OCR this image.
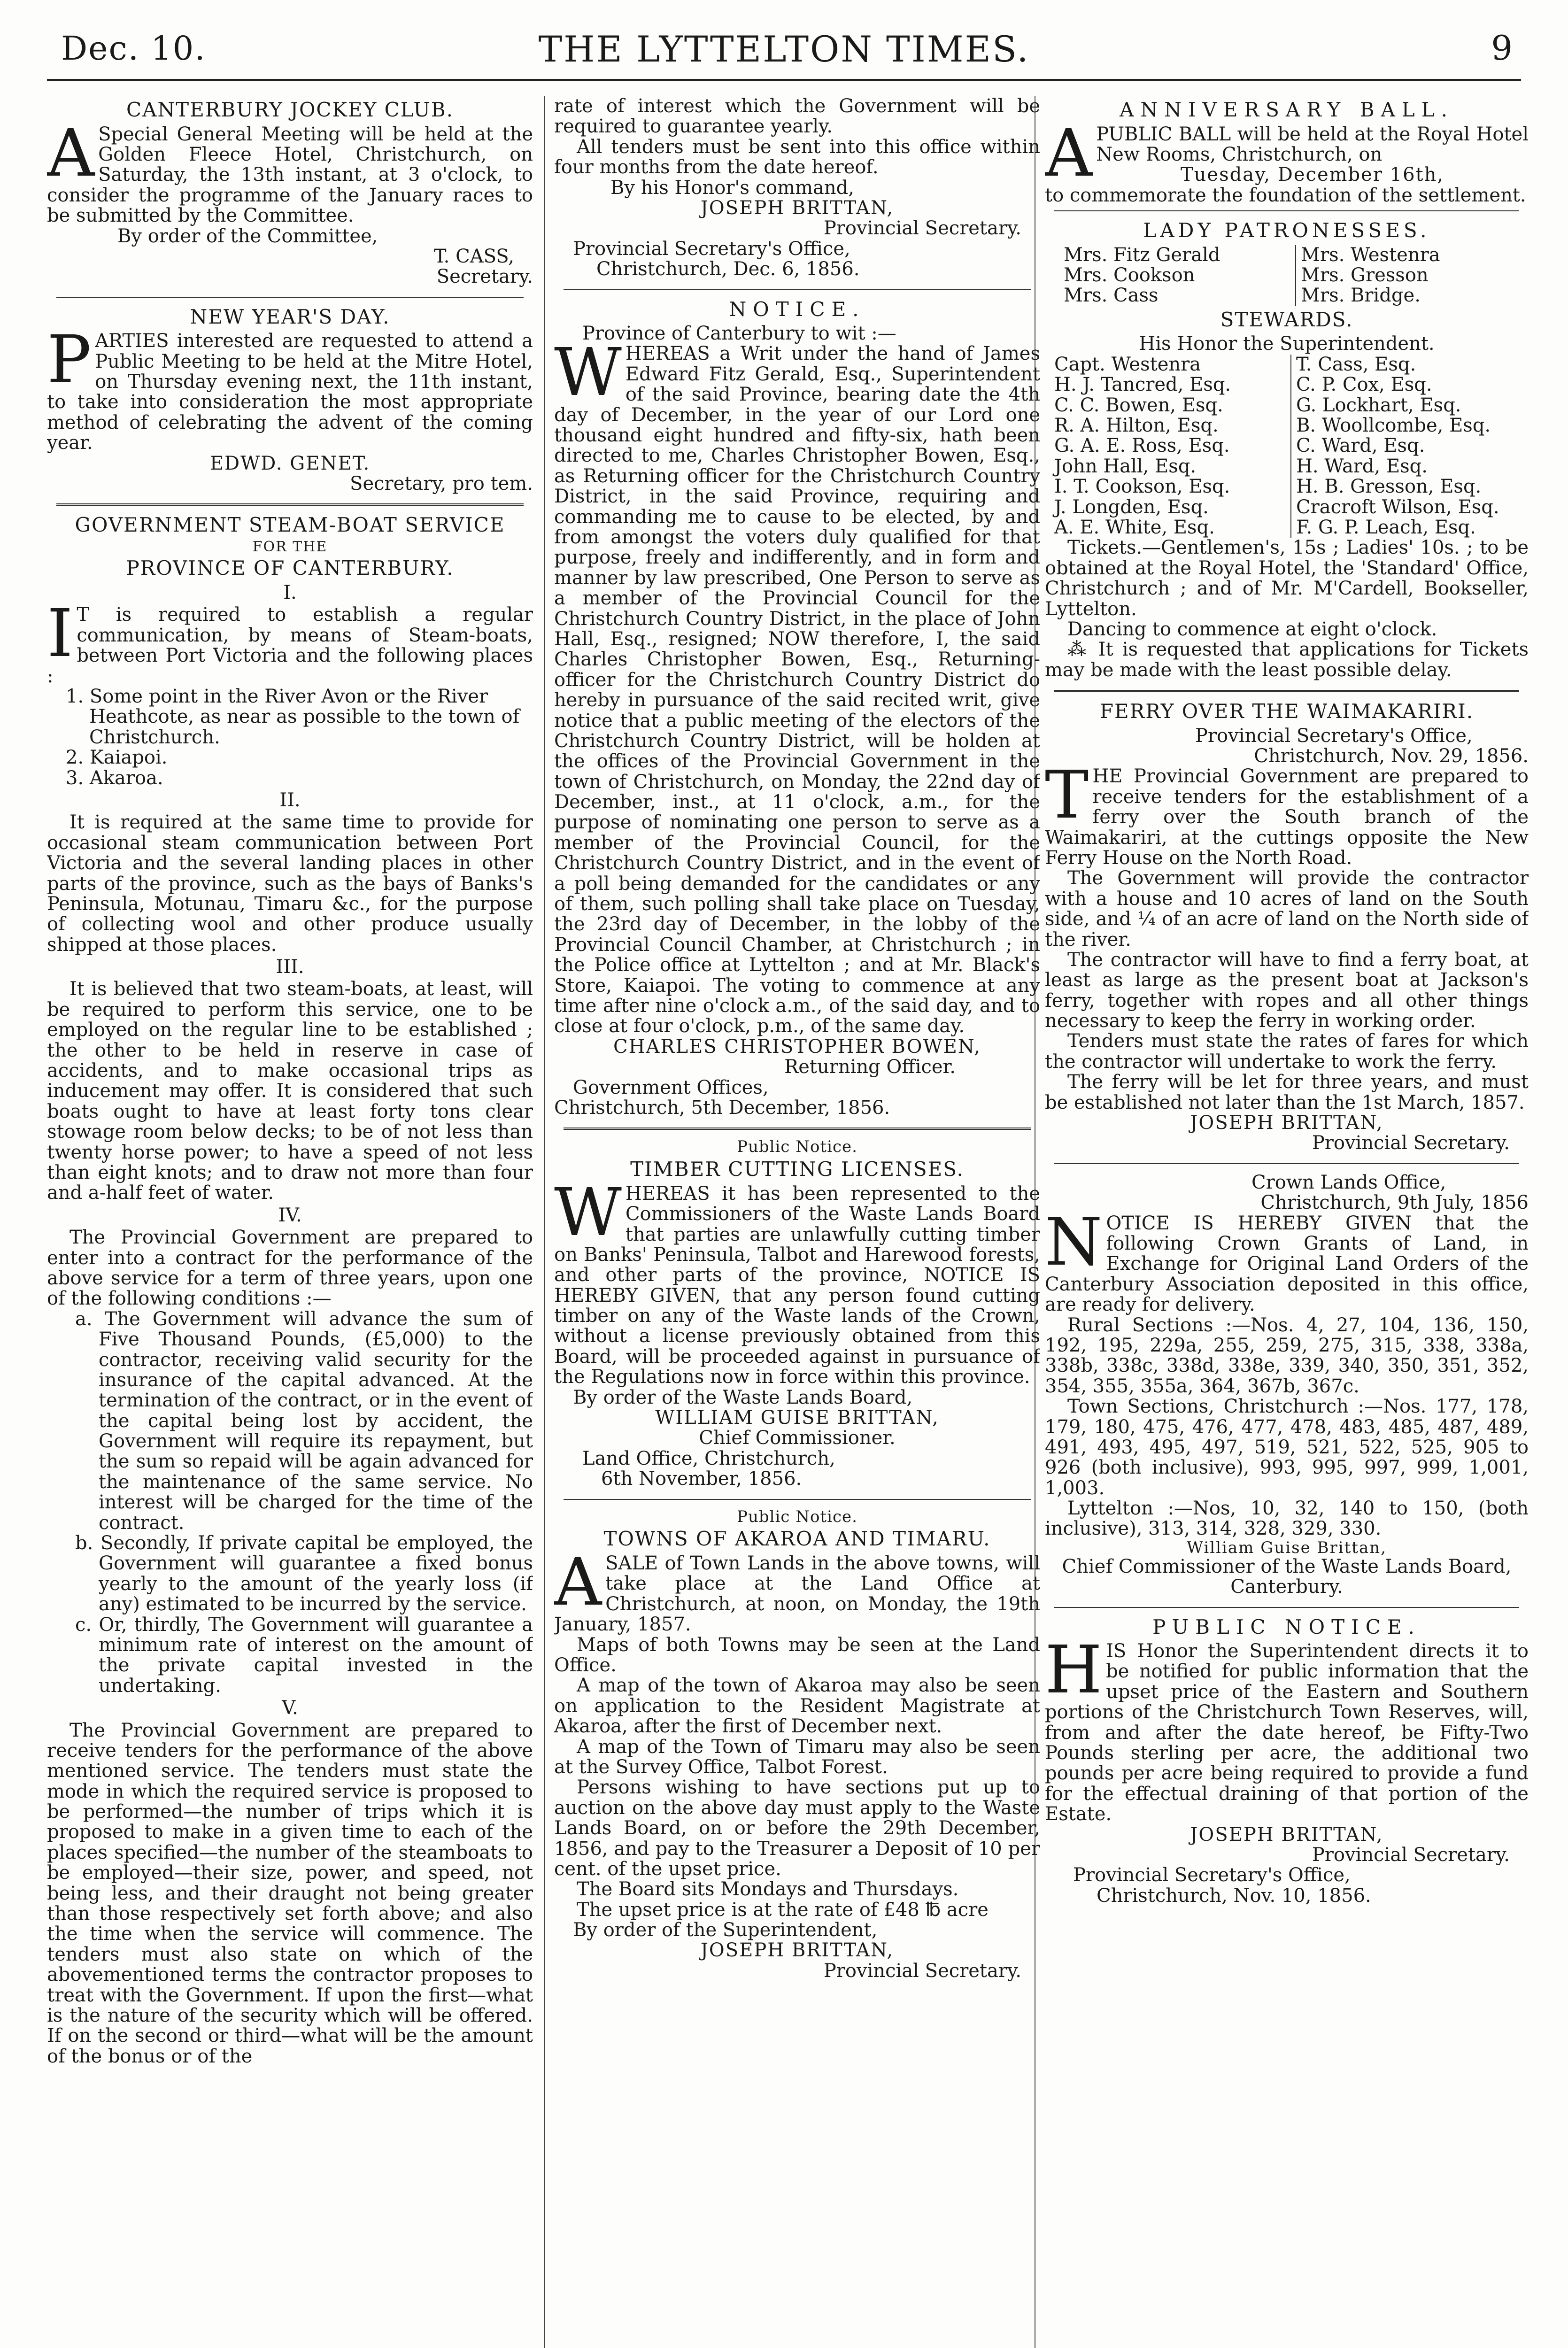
Dec. 10.	THE LYTTELTON TIMES.	9
CANTERBURY JOCKEY CLUB.

ASpecial General Meeting will be held at the Golden Fleece Hotel, Christchurch, on Saturday, the 13th instant, at 3 o'clock, to consider the programme of the January races to be submitted by the Committee.

By order of the Committee,
T. CASS,
Secretary.
NEW YEAR'S DAY.

PARTIES interested are requested to attend a Public Meeting to be held at the Mitre Hotel, on Thursday evening next, the 11th instant, to take into consideration the most appropriate method of celebrating the advent of the coming year.

EDWD. GENET.
Secretary, pro tem.
GOVERNMENT STEAM-BOAT SERVICE
FOR THE
PROVINCE OF CANTERBURY.
I.

IT is required to establish a regular communication, by means of Steam-boats, between Port Victoria and the following places :

1. Some point in the River Avon or the River Heathcote, as near as possible to the town of Christchurch.
2. Kaiapoi.
3. Akaroa.
II.

It is required at the same time to provide for occasional steam communication between Port Victoria and the several landing places in other parts of the province, such as the bays of Banks's Peninsula, Motunau, Timaru &c., for the purpose of collecting wool and other produce usually shipped at those places.

III.

It is believed that two steam-boats, at least, will be required to perform this service, one to be employed on the regular line to be established ; the other to be held in reserve in case of accidents, and to make occasional trips as inducement may offer. It is considered that such boats ought to have at least forty tons clear stowage room below decks; to be of not less than twenty horse power; to have a speed of not less than eight knots; and to draw not more than four and a-half feet of water.

IV.

The Provincial Government are prepared to enter into a contract for the performance of the above service for a term of three years, upon one of the following conditions :—

a. The Government will advance the sum of Five Thousand Pounds, (£5,000) to the contractor, receiving valid security for the insurance of the capital advanced. At the termination of the contract, or in the event of the capital being lost by accident, the Government will require its repayment, but the sum so repaid will be again advanced for the maintenance of the same service. No interest will be charged for the time of the contract.

b. Secondly, If private capital be employed, the Government will guarantee a fixed bonus yearly to the amount of the yearly loss (if any) estimated to be incurred by the service.

c. Or, thirdly, The Government will guarantee a minimum rate of interest on the amount of the private capital invested in the undertaking.

V.

The Provincial Government are prepared to receive tenders for the performance of the above mentioned service. The tenders must state the mode in which the required service is proposed to be performed—the number of trips which it is proposed to make in a given time to each of the places specified—the number of the steamboats to be employed—their size, power, and speed, not being less, and their draught not being greater than those respectively set forth above; and also the time when the service will commence. The tenders must also state on which of the abovementioned terms the contractor proposes to treat with the Government. If upon the first—what is the nature of the security which will be offered. If on the second or third—what will be the amount of the bonus or of the

rate of interest which the Government will be required to guarantee yearly.

All tenders must be sent into this office within four months from the date hereof.

By his Honor's command,
JOSEPH BRITTAN,
Provincial Secretary.
Provincial Secretary's Office,
Christchurch, Dec. 6, 1856.
NOTICE.
Province of Canterbury to wit :—

WHEREAS a Writ under the hand of James Edward Fitz Gerald, Esq., Superintendent of the said Province, bearing date the 4th day of December, in the year of our Lord one thousand eight hundred and fifty-six, hath been directed to me, Charles Christopher Bowen, Esq., as Returning officer for the Christchurch Country District, in the said Province, requiring and commanding me to cause to be elected, by and from amongst the voters duly qualified for that purpose, freely and indifferently, and in form and manner by law prescribed, One Person to serve as a member of the Provincial Council for the Christchurch Country District, in the place of John Hall, Esq., resigned; NOW therefore, I, the said Charles Christopher Bowen, Esq., Returning-officer for the Christchurch Country District do hereby in pursuance of the said recited writ, give notice that a public meeting of the electors of the Christchurch Country District, will be holden at the offices of the Provincial Government in the town of Christchurch, on Monday, the 22nd day of December, inst., at 11 o'clock, a.m., for the purpose of nominating one person to serve as a member of the Provincial Council, for the Christchurch Country District, and in the event of a poll being demanded for the candidates or any of them, such polling shall take place on Tuesday, the 23rd day of December, in the lobby of the Provincial Council Chamber, at Christchurch ; in the Police office at Lyttelton ; and at Mr. Black's Store, Kaiapoi. The voting to commence at any time after nine o'clock a.m., of the said day, and to close at four o'clock, p.m., of the same day.

CHARLES CHRISTOPHER BOWEN,
Returning Officer.
Government Offices,
Christchurch, 5th December, 1856.
Public Notice.
TIMBER CUTTING LICENSES.

WHEREAS it has been represented to the Commissioners of the Waste Lands Board that parties are unlawfully cutting timber on Banks' Peninsula, Talbot and Harewood forests, and other parts of the province, NOTICE IS HEREBY GIVEN, that any person found cutting timber on any of the Waste lands of the Crown, without a license previously obtained from this Board, will be proceeded against in pursuance of the Regulations now in force within this province.

By order of the Waste Lands Board,
WILLIAM GUISE BRITTAN,
Chief Commissioner.
Land Office, Christchurch,
6th November, 1856.
Public Notice.
TOWNS OF AKAROA AND TIMARU.

ASALE of Town Lands in the above towns, will take place at the Land Office at Christchurch, at noon, on Monday, the 19th January, 1857.

Maps of both Towns may be seen at the Land Office.

A map of the town of Akaroa may also be seen on application to the Resident Magistrate at Akaroa, after the first of December next.

A map of the Town of Timaru may also be seen at the Survey Office, Talbot Forest.

Persons wishing to have sections put up to auction on the above day must apply to the Waste Lands Board, on or before the 29th December, 1856, and pay to the Treasurer a Deposit of 10 per cent. of the upset price.

The Board sits Mondays and Thursdays.

The upset price is at the rate of £48 ℔ acre

By order of the Superintendent,
JOSEPH BRITTAN,
Provincial Secretary.
ANNIVERSARY BALL.

APUBLIC BALL will be held at the Royal Hotel New Rooms, Christchurch, on

Tuesday, December 16th,

to commemorate the foundation of the settlement.

LADY PATRONESSES.
Mrs. Fitz Gerald
Mrs. Cookson
Mrs. Cass
Mrs. Westenra
Mrs. Gresson
Mrs. Bridge.
STEWARDS.
His Honor the Superintendent.
Capt. Westenra
H. J. Tancred, Esq.
C. C. Bowen, Esq.
R. A. Hilton, Esq.
G. A. E. Ross, Esq.
John Hall, Esq.
I. T. Cookson, Esq.
J. Longden, Esq.
A. E. White, Esq.
T. Cass, Esq.
C. P. Cox, Esq.
G. Lockhart, Esq.
B. Woollcombe, Esq.
C. Ward, Esq.
H. Ward, Esq.
H. B. Gresson, Esq.
Cracroft Wilson, Esq.
F. G. P. Leach, Esq.

Tickets.—Gentlemen's, 15s ; Ladies' 10s. ; to be obtained at the Royal Hotel, the 'Standard' Office, Christchurch ; and of Mr. M'Cardell, Bookseller, Lyttelton.

Dancing to commence at eight o'clock.

⁂ It is requested that applications for Tickets may be made with the least possible delay.

FERRY OVER THE WAIMAKARIRI.
Provincial Secretary's Office,
Christchurch, Nov. 29, 1856.

THE Provincial Government are prepared to receive tenders for the establishment of a ferry over the South branch of the Waimakariri, at the cuttings opposite the New Ferry House on the North Road.

The Government will provide the contractor with a house and 10 acres of land on the South side, and ¼ of an acre of land on the North side of the river.

The contractor will have to find a ferry boat, at least as large as the present boat at Jackson's ferry, together with ropes and all other things necessary to keep the ferry in working order.

Tenders must state the rates of fares for which the contractor will undertake to work the ferry.

The ferry will be let for three years, and must be established not later than the 1st March, 1857.

JOSEPH BRITTAN,
Provincial Secretary.
Crown Lands Office,
Christchurch, 9th July, 1856

NOTICE IS HEREBY GIVEN that the following Crown Grants of Land, in Exchange for Original Land Orders of the Canterbury Association deposited in this office, are ready for delivery.

Rural Sections :—Nos. 4, 27, 104, 136, 150, 192, 195, 229a, 255, 259, 275, 315, 338, 338a, 338b, 338c, 338d, 338e, 339, 340, 350, 351, 352, 354, 355, 355a, 364, 367b, 367c.

Town Sections, Christchurch :—Nos. 177, 178, 179, 180, 475, 476, 477, 478, 483, 485, 487, 489, 491, 493, 495, 497, 519, 521, 522, 525, 905 to 926 (both inclusive), 993, 995, 997, 999, 1,001, 1,003.

Lyttelton :—Nos, 10, 32, 140 to 150, (both inclusive), 313, 314, 328, 329, 330.

William Guise Brittan,
Chief Commissioner of the Waste Lands Board, Canterbury.
PUBLIC NOTICE.

HIS Honor the Superintendent directs it to be notified for public information that the upset price of the Eastern and Southern portions of the Christchurch Town Reserves, will, from and after the date hereof, be Fifty-Two Pounds sterling per acre, the additional two pounds per acre being required to provide a fund for the effectual draining of that portion of the Estate.

JOSEPH BRITTAN,
Provincial Secretary.
Provincial Secretary's Office,
Christchurch, Nov. 10, 1856.
